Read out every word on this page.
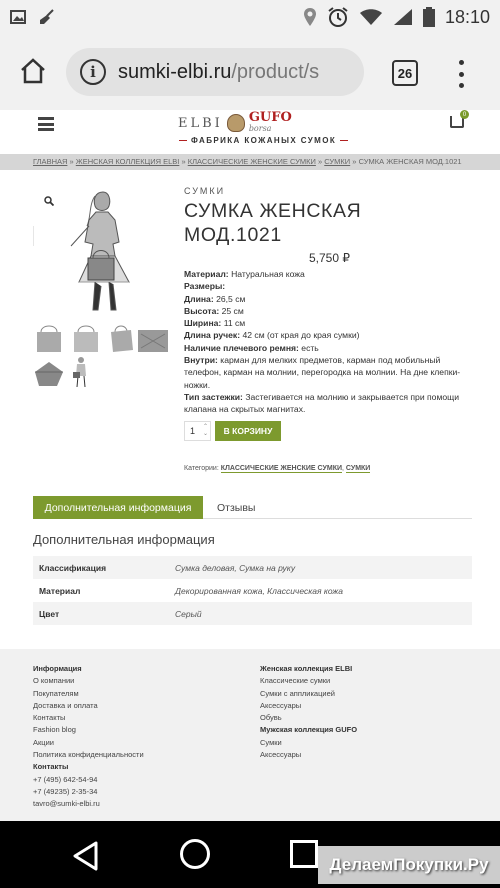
18:10
i	sumki-elbi.ru /product/s	26
ELBI GUFO
borsa
ФАБРИКА КОЖАНЫХ СУМОК
0
ГЛАВНАЯ » ЖЕНСКАЯ КОЛЛЕКЦИЯ ELBI » КЛАССИЧЕСКИЕ ЖЕНСКИЕ СУМКИ » СУМКИ » СУМКА ЖЕНСКАЯ МОД.1021
СУМКИ
СУМКА ЖЕНСКАЯ МОД.1021
5,750 ₽
Материал: Натуральная кожа
Размеры:
Длина: 26,5 см
Высота: 25 см
Ширина: 11 см
Длина ручек: 42 см (от края до края сумки)
Наличие плечевого ремня: есть
Внутри: карман для мелких предметов, карман под мобильный телефон, карман на молнии, перегородка на молнии. На дне клепки-ножки.
Тип застежки: Застегивается на молнию и закрывается при помощи клапана на скрытых магнитах.
1 ⌃
⌄	В КОРЗИНУ
Категории: КЛАССИЧЕСКИЕ ЖЕНСКИЕ СУМКИ, СУМКИ
Дополнительная информация	Отзывы
Дополнительная информация
Классификация	Сумка деловая, Сумка на руку
Материал	Декорированная кожа, Классическая кожа
Цвет	Серый
Информация
О компании
Покупателям
Доставка и оплата
Контакты
Fashion blog
Акции
Политика конфиденциальности
Контакты
+7 (495) 642-54-94
+7 (49235) 2-35-34
tavro@sumki-elbi.ru
Женская коллекция ELBI
Классические сумки
Сумки с аппликацией
Аксессуары
Обувь
Мужская коллекция GUFO
Сумки
Аксессуары
ДелаемПокупки.Ру
